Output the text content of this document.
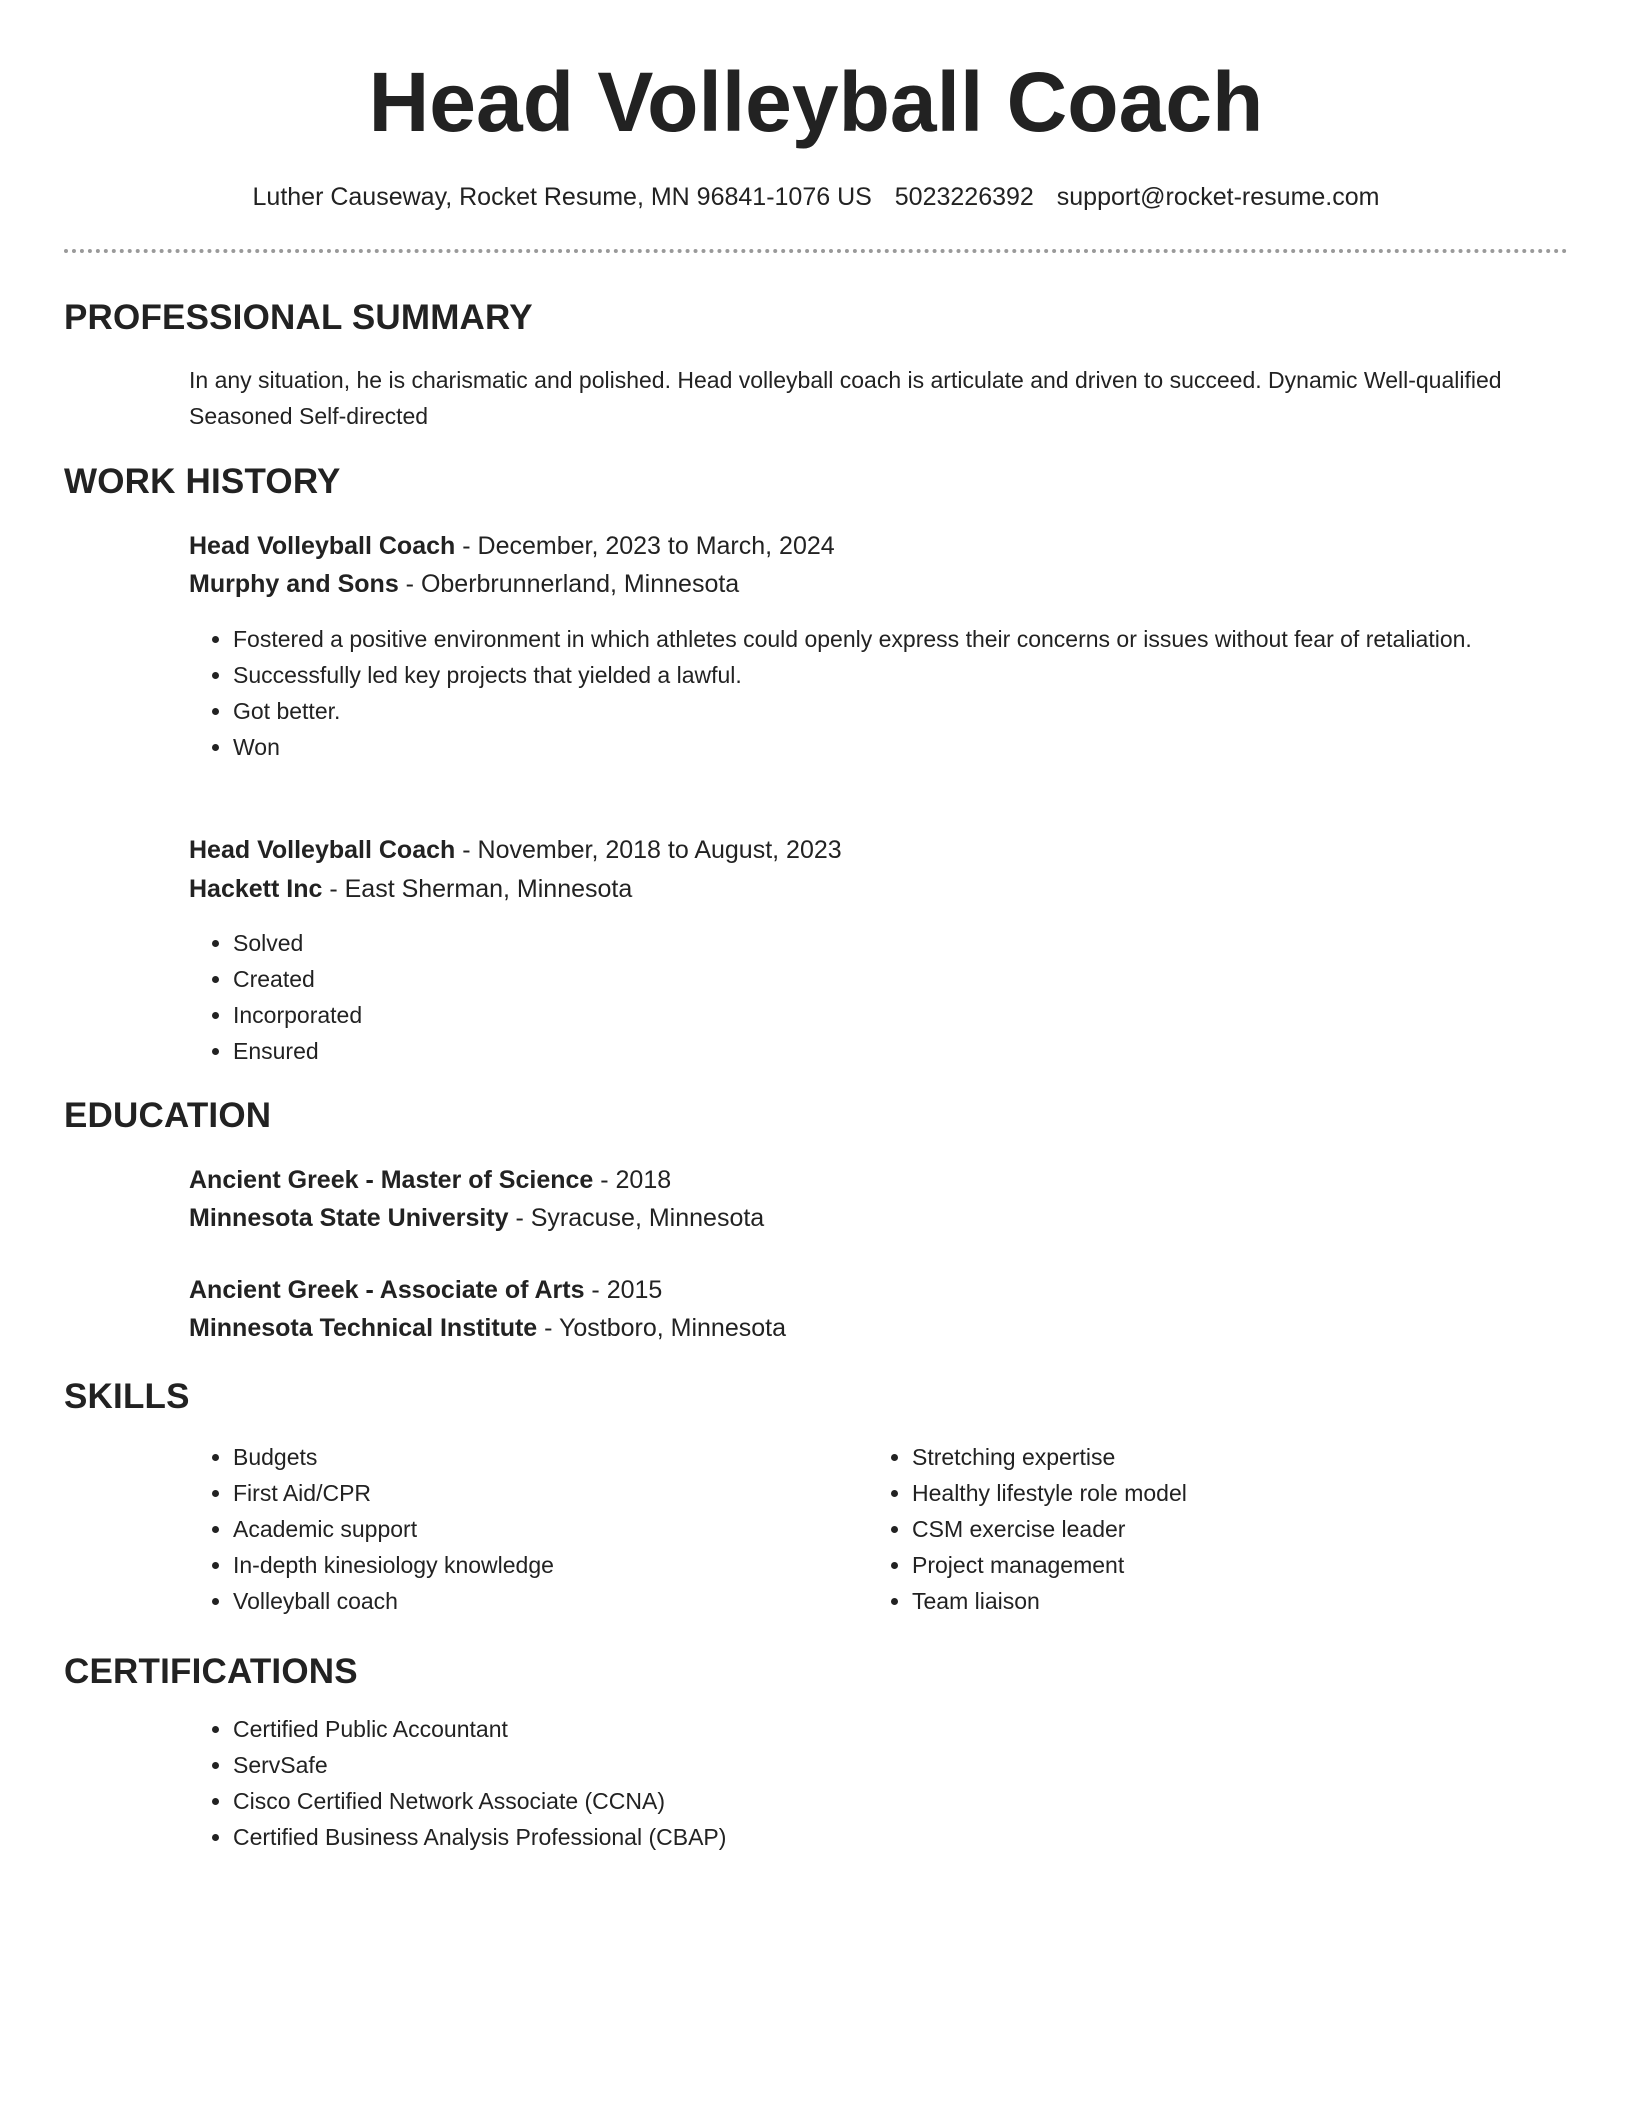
Head Volleyball Coach
Luther Causeway, Rocket Resume, MN 96841-1076 US 5023226392 support@rocket-resume.com
PROFESSIONAL SUMMARY
In any situation, he is charismatic and polished. Head volleyball coach is articulate and driven to succeed. Dynamic Well-qualified Seasoned Self-directed
WORK HISTORY
Head Volleyball Coach - December, 2023 to March, 2024
Murphy and Sons - Oberbrunnerland, Minnesota
• Fostered a positive environment in which athletes could openly express their concerns or issues without fear of retaliation.
• Successfully led key projects that yielded a lawful.
• Got better.
• Won
Head Volleyball Coach - November, 2018 to August, 2023
Hackett Inc - East Sherman, Minnesota
• Solved
• Created
• Incorporated
• Ensured
EDUCATION
Ancient Greek - Master of Science - 2018
Minnesota State University - Syracuse, Minnesota
Ancient Greek - Associate of Arts - 2015
Minnesota Technical Institute - Yostboro, Minnesota
SKILLS
• Budgets
• First Aid/CPR
• Academic support
• In-depth kinesiology knowledge
• Volleyball coach
• Stretching expertise
• Healthy lifestyle role model
• CSM exercise leader
• Project management
• Team liaison
CERTIFICATIONS
• Certified Public Accountant
• ServSafe
• Cisco Certified Network Associate (CCNA)
• Certified Business Analysis Professional (CBAP)
